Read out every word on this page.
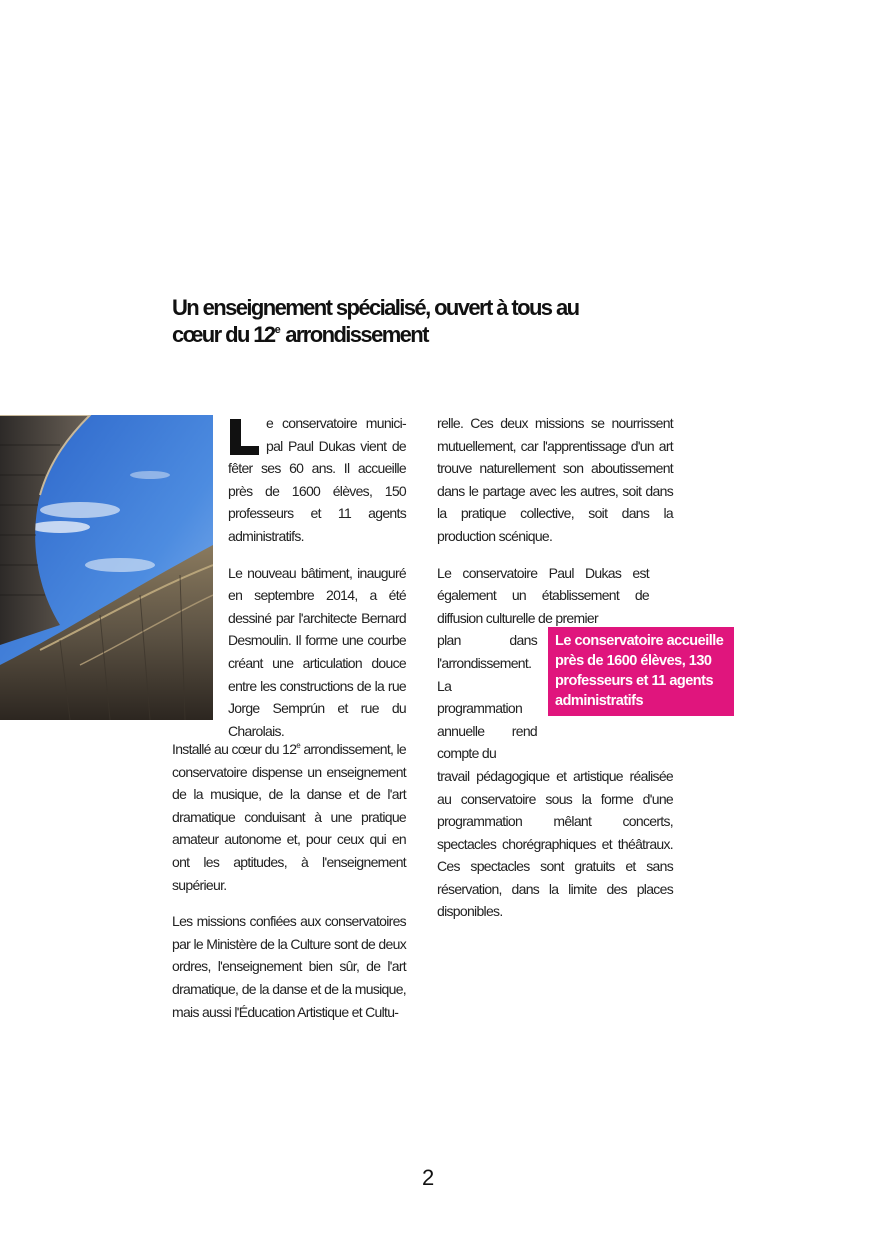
Un enseignement spécialisé, ouvert à tous au
cœur du 12e arrondissement

e conservatoire munici-pal Paul Dukas vient de fêter ses 60 ans. Il accueille près de 1600 élèves, 150 professeurs et 11 agents administratifs.

Le nouveau bâtiment, inauguré en septembre 2014, a été dessiné par l'architecte Bernard Desmoulin. Il forme une courbe créant une articulation douce entre les constructions de la rue Jorge Semprún et rue du Charolais.

Installé au cœur du 12e arrondissement, le conservatoire dispense un enseignement de la musique, de la danse et de l'art dramatique conduisant à une pratique amateur autonome et, pour ceux qui en ont les aptitudes, à l'enseignement supérieur.

Les missions confiées aux conservatoires par le Ministère de la Culture sont de deux ordres, l'enseignement bien sûr, de l'art dramatique, de la danse et de la musique, mais aussi l'Éducation Artistique et Cultu-

relle. Ces deux missions se nourrissent mutuellement, car l'apprentissage d'un art trouve naturellement son aboutissement dans le partage avec les autres, soit dans la pratique collective, soit dans la production scénique.

Le conservatoire Paul Dukas est également un établissement de diffusion culturelle de premier

plan dans l'arrondissement. La programmation annuelle rend compte du

travail pédagogique et artistique réalisée au conservatoire sous la forme d'une programmation mêlant concerts, spectacles chorégraphiques et théâtraux. Ces spectacles sont gratuits et sans réservation, dans la limite des places disponibles.

Le conservatoire accueille près de 1600 élèves, 130 professeurs et 11 agents administratifs
2
